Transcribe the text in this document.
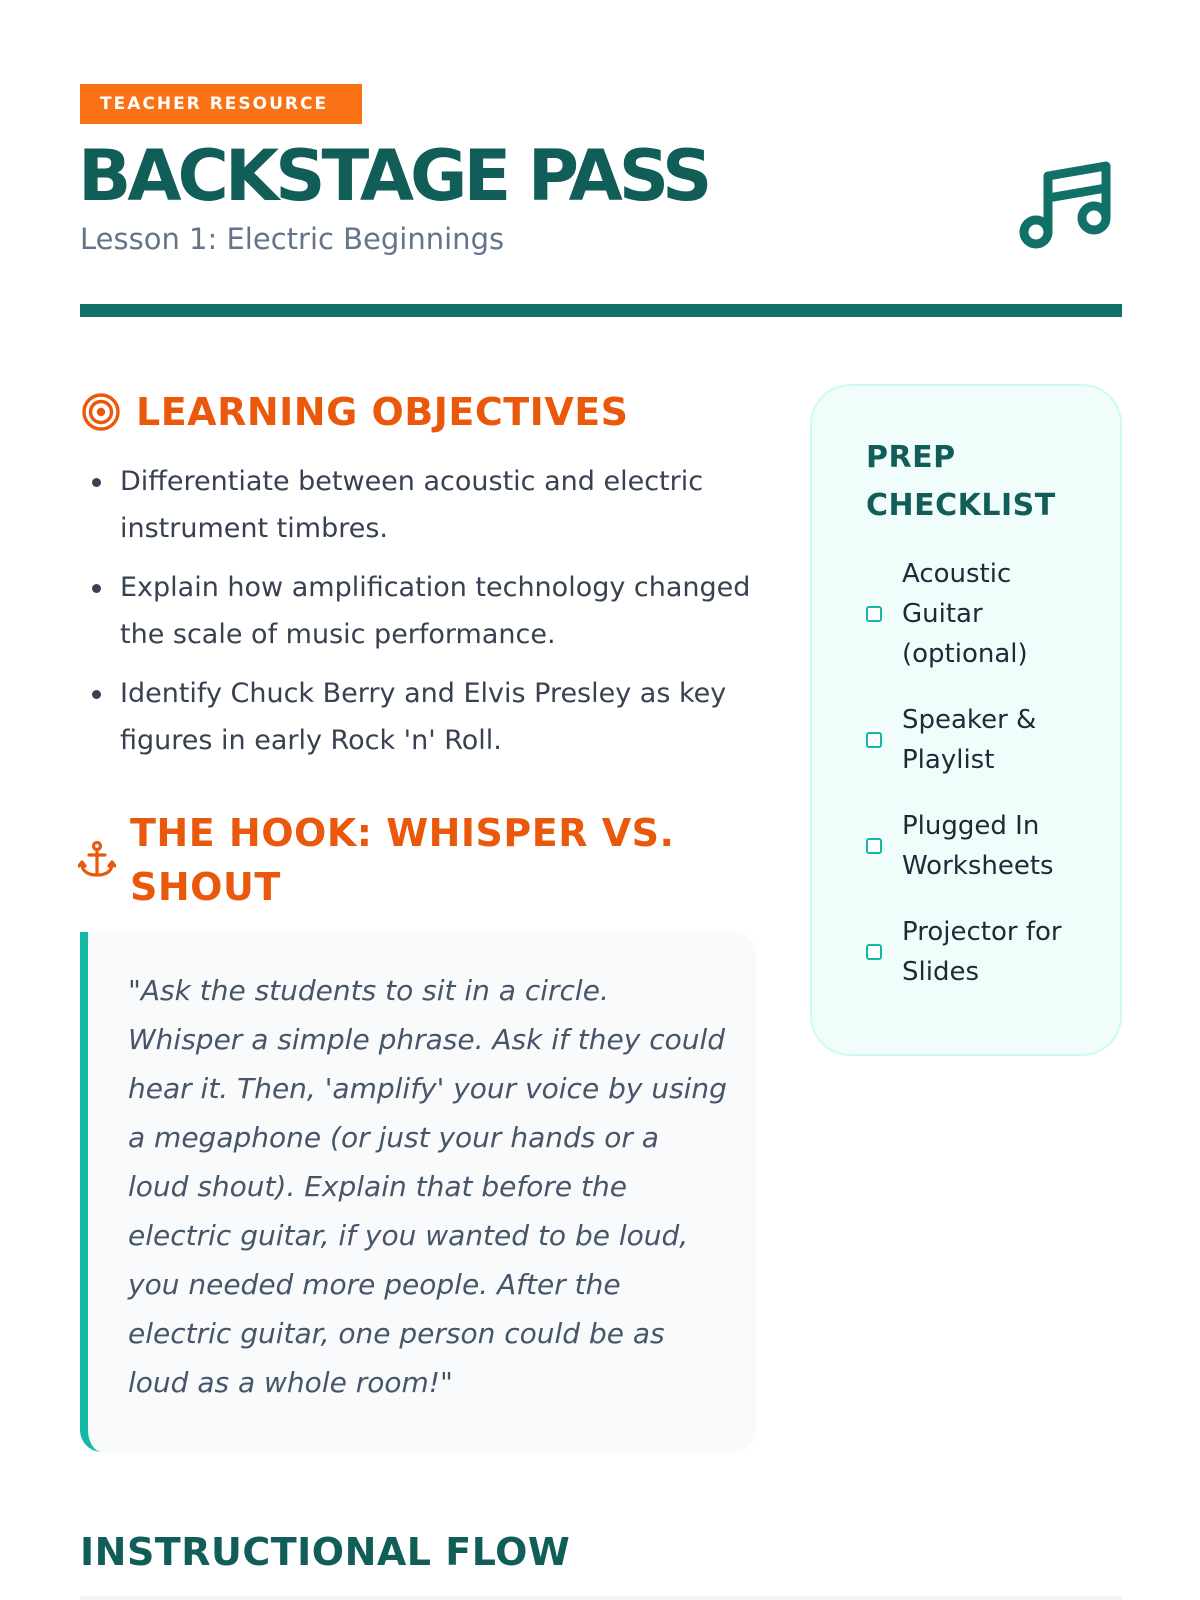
TEACHER RESOURCE
BACKSTAGE PASS
Lesson 1: Electric Beginnings
LEARNING OBJECTIVES
Differentiate between acoustic and electric instrument timbres.
Explain how amplification technology changed the scale of music performance.
Identify Chuck Berry and Elvis Presley as key figures in early Rock 'n' Roll.
THE HOOK: WHISPER VS. SHOUT

"Ask the students to sit in a circle. Whisper a simple phrase. Ask if they could hear it. Then, 'amplify' your voice by using a megaphone (or just your hands or a loud shout). Explain that before the electric guitar, if you wanted to be loud, you needed more people. After the electric guitar, one person could be as loud as a whole room!"

INSTRUCTIONAL FLOW
PREP CHECKLIST
Acoustic Guitar (optional)
Speaker & Playlist
Plugged In Worksheets
Projector for Slides
